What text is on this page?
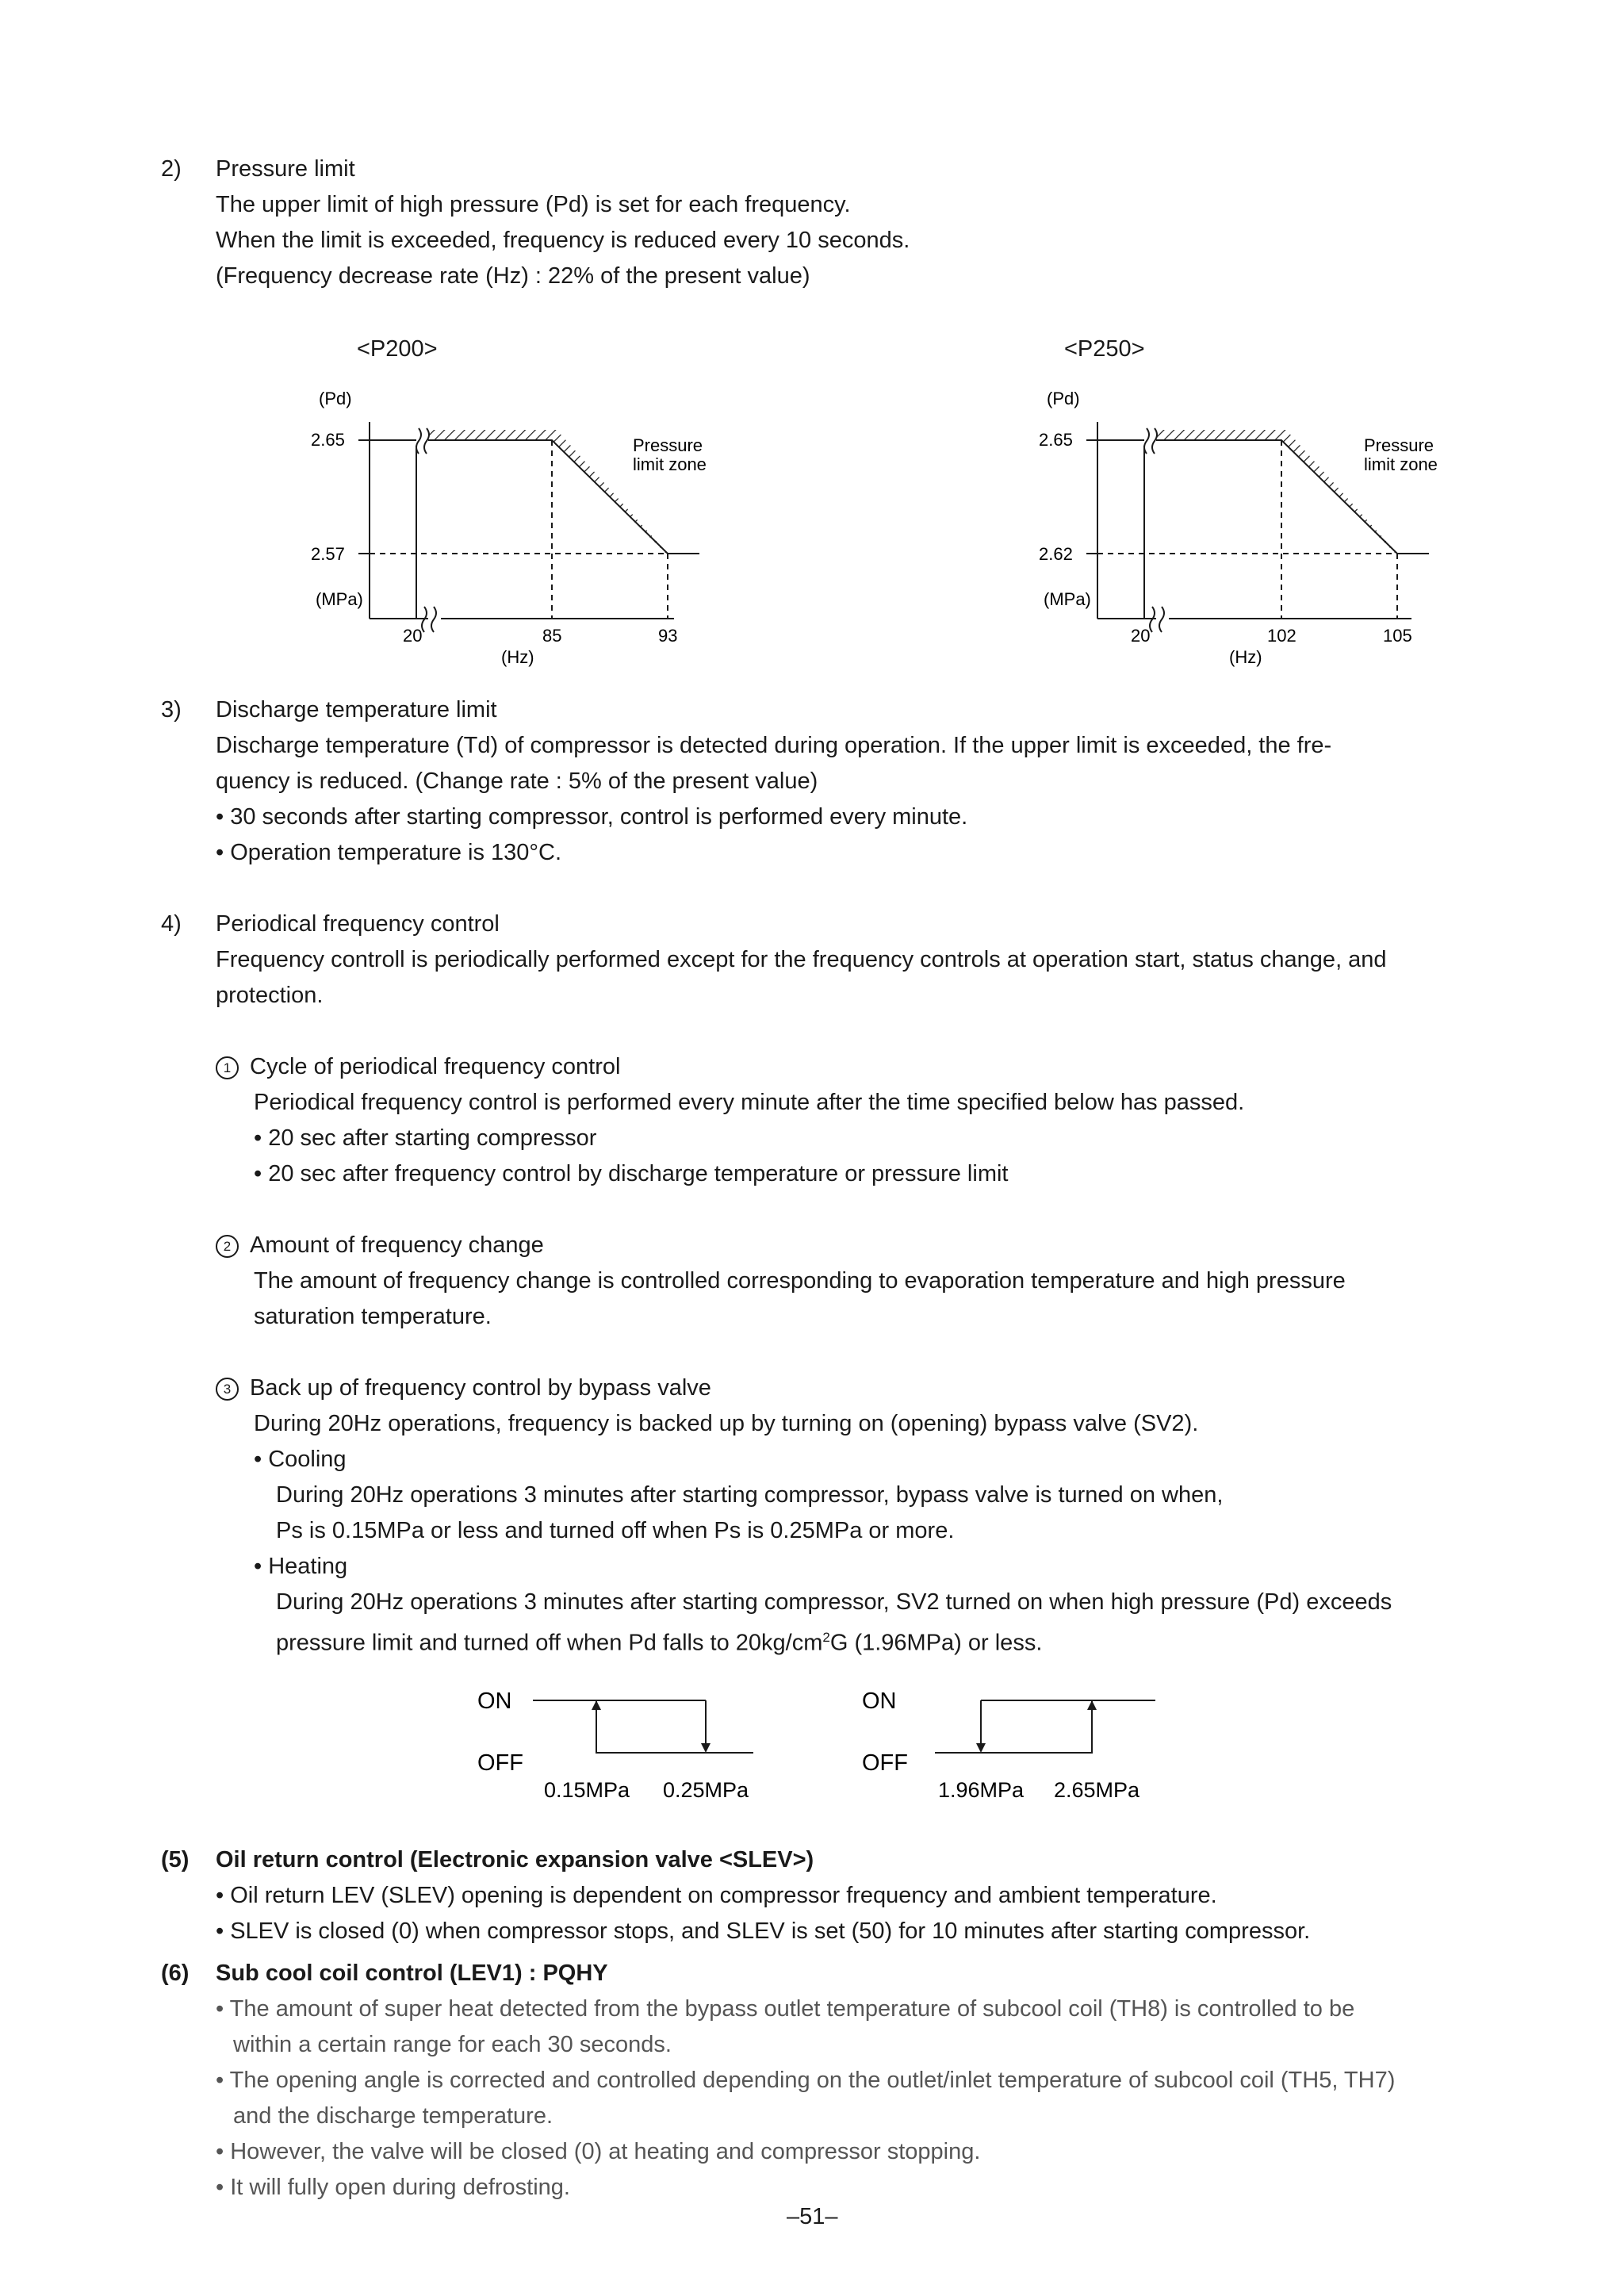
2) Pressure limit
The upper limit of high pressure (Pd) is set for each frequency.
When the limit is exceeded, frequency is reduced every 10 seconds.
(Frequency decrease rate (Hz) : 22% of the present value)
<P200>	<P250>
(Pd)
2.65
2.57
(MPa)
20	85	93
(Hz)
Pressure
limit zone
(Pd)
2.65
2.62
(MPa)
20	102	105
(Hz)
Pressure
limit zone
3) Discharge temperature limit
Discharge temperature (Td) of compressor is detected during operation. If the upper limit is exceeded, the fre-
quency is reduced. (Change rate : 5% of the present value)
• 30 seconds after starting compressor, control is performed every minute.
• Operation temperature is 130°C.
4) Periodical frequency control
Frequency controll is periodically performed except for the frequency controls at operation start, status change, and
protection.
1 Cycle of periodical frequency control
Periodical frequency control is performed every minute after the time specified below has passed.
• 20 sec after starting compressor
• 20 sec after frequency control by discharge temperature or pressure limit
2 Amount of frequency change
The amount of frequency change is controlled corresponding to evaporation temperature and high pressure
saturation temperature.
3 Back up of frequency control by bypass valve
During 20Hz operations, frequency is backed up by turning on (opening) bypass valve (SV2).
• Cooling
During 20Hz operations 3 minutes after starting compressor, bypass valve is turned on when,
Ps is 0.15MPa or less and turned off when Ps is 0.25MPa or more.
• Heating
During 20Hz operations 3 minutes after starting compressor, SV2 turned on when high pressure (Pd) exceeds
pressure limit and turned off when Pd falls to $20kg/cm^2G$ (1.96MPa) or less.
ON
OFF
0.15MPa 0.25MPa
ON
OFF
1.96MPa 2.65MPa
(5) Oil return control (Electronic expansion valve <SLEV>)
• Oil return LEV (SLEV) opening is dependent on compressor frequency and ambient temperature.
• SLEV is closed (0) when compressor stops, and SLEV is set (50) for 10 minutes after starting compressor.
(6) Sub cool coil control (LEV1) : PQHY
• The amount of super heat detected from the bypass outlet temperature of subcool coil (TH8) is controlled to be
within a certain range for each 30 seconds.
• The opening angle is corrected and controlled depending on the outlet/inlet temperature of subcool coil (TH5, TH7)
and the discharge temperature.
• However, the valve will be closed (0) at heating and compressor stopping.
• It will fully open during defrosting.
–51–
